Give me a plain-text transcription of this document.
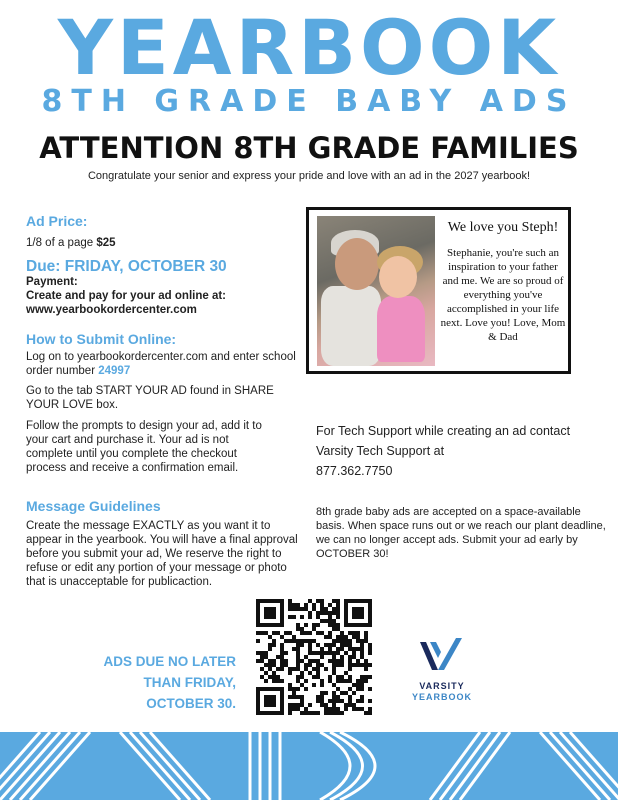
YEARBOOK
8TH GRADE BABY ADS
ATTENTION 8TH GRADE FAMILIES
Congratulate your senior and express your pride and love with an ad in the 2027 yearbook!
Ad Price:
1/8 of a page $25
Due: FRIDAY, OCTOBER 30
Payment:
Create and pay for your ad online at:
www.yearbookordercenter.com
How to Submit Online:
Log on to yearbookordercenter.com and enter school order number 24997
Go to the tab START YOUR AD found in SHARE YOUR LOVE box.
Follow the prompts to design your ad, add it to your cart and purchase it. Your ad is not complete until you complete the checkout process and receive a confirmation email.
Message Guidelines
Create the message EXACTLY as you want it to appear in the yearbook. You will have a final approval before you submit your ad, We reserve the right to refuse or edit any portion of your message or photo that is unacceptable for publicaction.
We love you Steph!
Stephanie, you're such an inspiration to your father and me. We are so proud of everything you've accomplished in your life next. Love you! Love, Mom & Dad
For Tech Support while creating an ad contact Varsity Tech Support at
877.362.7750
8th grade baby ads are accepted on a space-available basis. When space runs out or we reach our plant deadline, we can no longer accept ads. Submit your ad early by OCTOBER 30!
ADS DUE NO LATER THAN FRIDAY, OCTOBER 30.
VARSITY
YEARBOOK
